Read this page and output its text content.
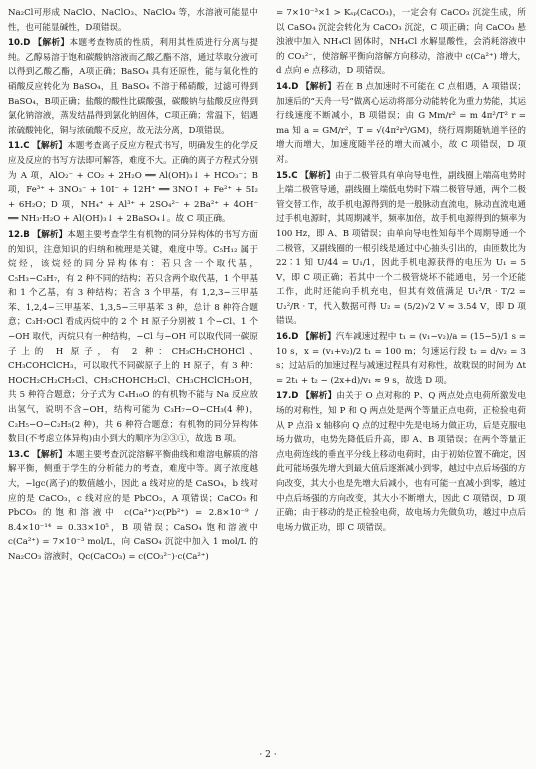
Na₂Cl可形成 NaClO、NaClO₃、NaClO₄ 等，水溶液可能显中性，也可能显碱性，D项错误。

10.D 【解析】本题考查物质的性质，利用其性质进行分离与提纯。乙醇易溶于饱和碳酸钠溶液而乙酸乙酯不溶，通过萃取分液可以得到乙酸乙酯，A项正确；BaSO₄ 具有还原性，能与氧化性的硝酸反应转化为 BaSO₄，且 BaSO₄ 不溶于稀硝酸，过滤可得到 BaSO₄，B项正确；盐酸的酸性比碳酸强，碳酸钠与盐酸反应得到氯化钠溶液，蒸发结晶得到氯化钠固体，C项正确；常温下，铝遇浓硫酸钝化，铜与浓硫酸不反应，故无法分离，D项错误。

11.C 【解析】本题考查离子反应方程式书写，明确发生的化学反应及反应的书写方法即可解答，难度不大。正确的离子方程式分别为 A 项，AlO₂⁻ + CO₂ + 2H₂O ══ Al(OH)₃↓ + HCO₃⁻；B 项，Fe³⁺ + 3NO₃⁻ + 10I⁻ + 12H⁺ ══ 3NO↑ + Fe²⁺ + 5I₂ + 6H₂O；D 项，NH₄⁺ + Al³⁺ + 2SO₄²⁻ + 2Ba²⁺ + 4OH⁻ ══ NH₃·H₂O + Al(OH)₃↓ + 2BaSO₄↓。故 C 项正确。

12.B 【解析】本题主要考查学生有机物的同分异构体的书写方面的知识，注意知识的归纳和梳理是关键，难度中等。C₅H₁₂ 属于烷烃，该烷烃的同分异构体有：若只含一个取代基，C₅H₃−C₃H₇，有 2 种不同的结构；若只含两个取代基，1 个甲基和 1 个乙基，有 3 种结构；若含 3 个甲基，有 1,2,3−三甲基苯、1,2,4−三甲基苯、1,3,5−三甲基苯 3 种，总计 8 种符合题意；C₃H₇OCl 看成丙烷中的 2 个 H 原子分别被 1 个−Cl、1 个−OH 取代，丙烷只有一种结构，−Cl 与−OH 可以取代同一碳原子上的 H 原子，有 2 种：CH₃CH₂CHOHCl、CH₃COHClCH₃，可以取代不同碳原子上的 H 原子，有 3 种：HOCH₂CH₂CH₂Cl、CH₃CHOHCH₂Cl、CH₃CHClCH₂OH，共 5 种符合题意；分子式为 C₄H₁₀O 的有机物不能与 Na 反应放出氢气，说明不含−OH，结构可能为 C₃H₇−O−CH₃(4 种)，C₂H₅−O−C₂H₅(2 种)，共 6 种符合题意；有机物的同分异构体数目(不考虑立体异构)由小到大的顺序为②③①，故选 B 项。

13.C 【解析】本题主要考查沉淀溶解平衡曲线和难溶电解质的溶解平衡，侧重于学生的分析能力的考查，难度中等。离子浓度越大，−lgc(离子)的数值越小，因此 a 线对应的是 CaSO₄，b 线对应的是 CaCO₃，c 线对应的是 PbCO₃，A 项错误；CaCO₃ 和 PbCO₃ 的饱和溶液中 c(Ca²⁺)∶c(Pb²⁺) = 2.8×10⁻⁹ / 8.4×10⁻¹⁴ = 0.33×10⁵，B 项错误；CaSO₄ 饱和溶液中 c(Ca²⁺) = 7×10⁻³ mol/L，向 CaSO₄ 沉淀中加入 1 mol/L 的 Na₂CO₃ 溶液时，Qᴄ(CaCO₃) = c(CO₃²⁻)·c(Ca²⁺)

= 7×10⁻³×1 > Kₛₚ(CaCO₃)，一定会有 CaCO₃ 沉淀生成，所以 CaSO₄ 沉淀会转化为 CaCO₃ 沉淀，C 项正确；向 CaCO₃ 悬浊液中加入 NH₄Cl 固体时，NH₄Cl 水解显酸性，会消耗溶液中的 CO₃²⁻，使溶解平衡向溶解方向移动，溶液中 c(Ca²⁺) 增大，d 点向 e 点移动，D 项错误。

14.D 【解析】若在 B 点加速时不可能在 C 点相遇，A 项错误；加速后的“天舟一号”做离心运动将部分动能转化为重力势能，其运行线速度不断减小，B 项错误；由 G Mm/r² = m 4π²/T² r = ma 知 a = GM/r²，T = √(4π²r³/GM)，绕行周期随轨道半径的增大而增大，加速度随半径的增大而减小，故 C 项错误，D 项对。

15.C 【解析】由于二极管具有单向导电性，副线圈上端高电势时上端二极管导通，副线圈上端低电势时下端二极管导通，两个二极管交替工作，故手机电源得到的是一般脉动直流电，脉动直流电通过手机电源时，其周期减半，频率加倍，故手机电源得到的频率为 100 Hz，即 A、B 项错误；由单向导电性知每半个周期导通一个二极管，又副线圈的一根引线是通过中心抽头引出的，由匝数比为 22∶1 知 U/44 = U₁/1，因此手机电源获得的电压为 U₁ = 5 V，即 C 项正确；若其中一个二极管烧坏不能通电，另一个还能工作，此时还能向手机充电，但其有效值满足 U₁²/R · T/2 = U₂²/R · T，代入数据可得 U₂ = (5/2)√2 V ≈ 3.54 V，即 D 项错误。

16.D 【解析】汽车减速过程中 t₁ = (v₁−v₂)/a = (15−5)/1 s = 10 s，x = (v₁+v₂)/2 t₁ = 100 m；匀速运行段 t₂ = d/v₂ = 3 s；过站后的加速过程与减速过程具有对称性，故耽误的时间为 Δt = 2t₁ + t₂ − (2x+d)/v₁ ≈ 9 s，故选 D 项。

17.D 【解析】由关于 O 点对称的 P、Q 两点处点电荷所激发电场的对称性，知 P 和 Q 两点处是两个等量正点电荷，正检验电荷从 P 点沿 x 轴移向 Q 点的过程中先是电场力做正功，后是克服电场力做功，电势先降低后升高，即 A、B 项错误；在两个等量正点电荷连线的垂直平分线上移动电荷时，由于初始位置不确定，因此可能场强先增大到最大值后逐渐减小到零，越过中点后场强的方向改变，其大小也是先增大后减小，也有可能一直减小到零，越过中点后场强的方向改变，其大小不断增大，因此 C 项错误，D 项正确；由于移动的是正检验电荷，故电场力先做负功，越过中点后电场力做正功，即 C 项错误。

· 2 ·
